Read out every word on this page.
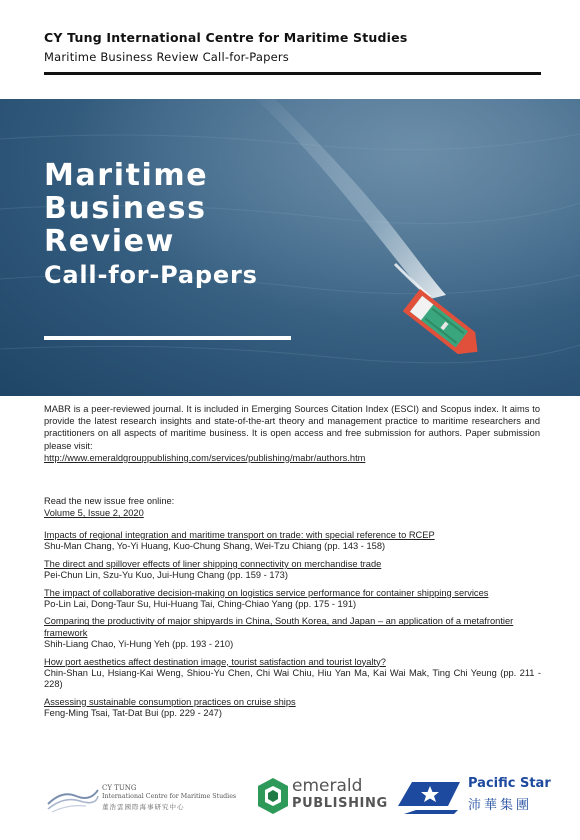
CY Tung International Centre for Maritime Studies
Maritime Business Review Call-for-Papers
Maritime
Business
Review
Call-for-Papers
MABR is a peer-reviewed journal. It is included in Emerging Sources Citation Index (ESCI) and Scopus index. It aims to provide the latest research insights and state-of-the-art theory and management practice to maritime researchers and practitioners on all aspects of maritime business. It is open access and free submission for authors. Paper submission please visit:
http://www.emeraldgrouppublishing.com/services/publishing/mabr/authors.htm
Read the new issue free online:
Volume 5, Issue 2, 2020
Impacts of regional integration and maritime transport on trade: with special reference to RCEP
Shu-Man Chang, Yo-Yi Huang, Kuo-Chung Shang, Wei-Tzu Chiang (pp. 143 - 158)
The direct and spillover effects of liner shipping connectivity on merchandise trade
Pei-Chun Lin, Szu-Yu Kuo, Jui-Hung Chang (pp. 159 - 173)
The impact of collaborative decision-making on logistics service performance for container shipping services
Po-Lin Lai, Dong-Taur Su, Hui-Huang Tai, Ching-Chiao Yang (pp. 175 - 191)
Comparing the productivity of major shipyards in China, South Korea, and Japan – an application of a metafrontier framework
Shih-Liang Chao, Yi-Hung Yeh (pp. 193 - 210)
How port aesthetics affect destination image, tourist satisfaction and tourist loyalty?
Chin-Shan Lu, Hsiang-Kai Weng, Shiou-Yu Chen, Chi Wai Chiu, Hiu Yan Ma, Kai Wai Mak, Ting Chi Yeung (pp. 211 - 228)
Assessing sustainable consumption practices on cruise ships
Feng-Ming Tsai, Tat-Dat Bui (pp. 229 - 247)
CY TUNG
International Centre for Maritime Studies
董浩雲國際海事研究中心
emerald
PUBLISHING
Pacific Star
沛華集團
